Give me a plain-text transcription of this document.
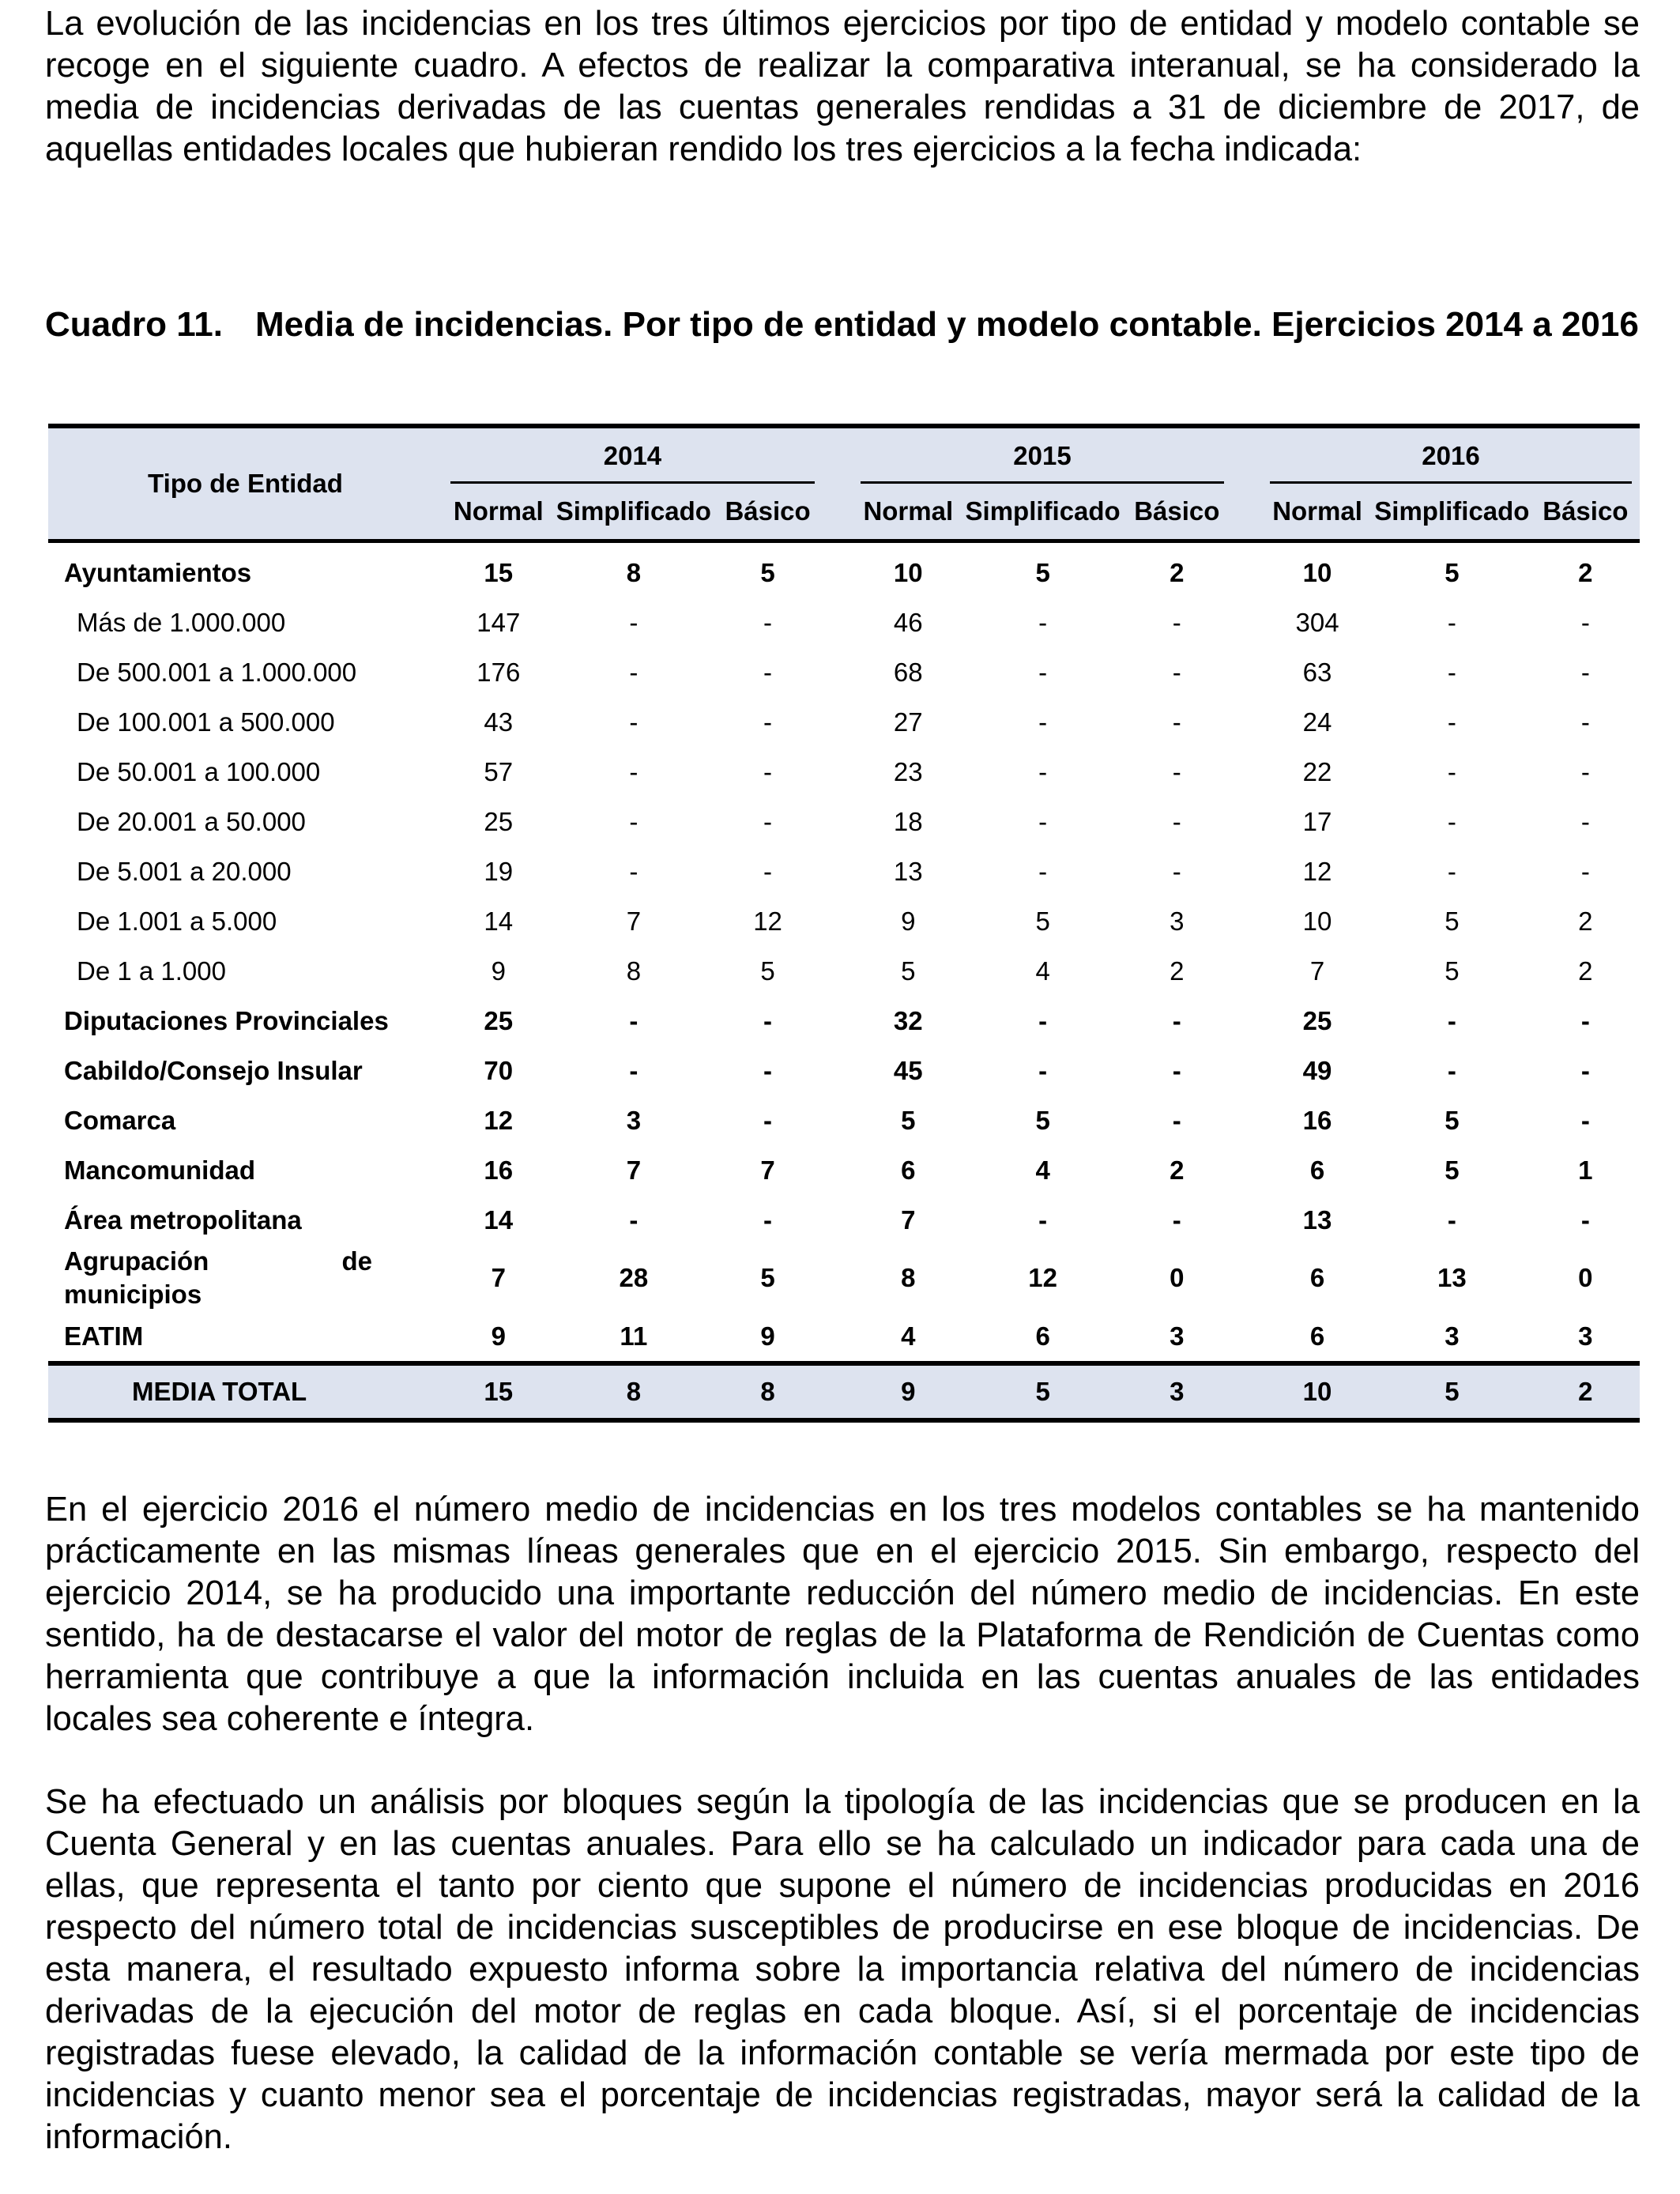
La evolución de las incidencias en los tres últimos ejercicios por tipo de entidad y modelo contable se recoge en el siguiente cuadro. A efectos de realizar la comparativa interanual, se ha considerado la media de incidencias derivadas de las cuentas generales rendidas a 31 de diciembre de 2017, de aquellas entidades locales que hubieran rendido los tres ejercicios a la fecha indicada:

Cuadro 11. Media de incidencias. Por tipo de entidad y modelo contable. Ejercicios 2014 a 2016
Tipo de Entidad	2014				2015				2016		

	Normal	Simplificado	Básico		Normal	Simplificado	Básico		Normal	Simplificado	Básico
Ayuntamientos	15	8	5		10	5	2		10	5	2
Más de 1.000.000	147	-	-		46	-	-		304	-	-
De 500.001 a 1.000.000	176	-	-		68	-	-		63	-	-
De 100.001 a 500.000	43	-	-		27	-	-		24	-	-
De 50.001 a 100.000	57	-	-		23	-	-		22	-	-
De 20.001 a 50.000	25	-	-		18	-	-		17	-	-
De 5.001 a 20.000	19	-	-		13	-	-		12	-	-
De 1.001 a 5.000	14	7	12		9	5	3		10	5	2
De 1 a 1.000	9	8	5		5	4	2		7	5	2
Diputaciones Provinciales	25	-	-		32	-	-		25	-	-
Cabildo/Consejo Insular	70	-	-		45	-	-		49	-	-
Comarca	12	3	-		5	5	-		16	5	-
Mancomunidad	16	7	7		6	4	2		6	5	1
Área metropolitana	14	-	-		7	-	-		13	-	-

Agrupación de
municipios	7	28	5		8	12	0		6	13	0
EATIM	9	11	9		4	6	3		6	3	3
MEDIA TOTAL	15	8	8		9	5	3		10	5	2

En el ejercicio 2016 el número medio de incidencias en los tres modelos contables se ha mantenido prácticamente en las mismas líneas generales que en el ejercicio 2015. Sin embargo, respecto del ejercicio 2014, se ha producido una importante reducción del número medio de incidencias. En este sentido, ha de destacarse el valor del motor de reglas de la Plataforma de Rendición de Cuentas como herramienta que contribuye a que la información incluida en las cuentas anuales de las entidades locales sea coherente e íntegra.

Se ha efectuado un análisis por bloques según la tipología de las incidencias que se producen en la Cuenta General y en las cuentas anuales. Para ello se ha calculado un indicador para cada una de ellas, que representa el tanto por ciento que supone el número de incidencias producidas en 2016 respecto del número total de incidencias susceptibles de producirse en ese bloque de incidencias. De esta manera, el resultado expuesto informa sobre la importancia relativa del número de incidencias derivadas de la ejecución del motor de reglas en cada bloque. Así, si el porcentaje de incidencias registradas fuese elevado, la calidad de la información contable se vería mermada por este tipo de incidencias y cuanto menor sea el porcentaje de incidencias registradas, mayor será la calidad de la información.
